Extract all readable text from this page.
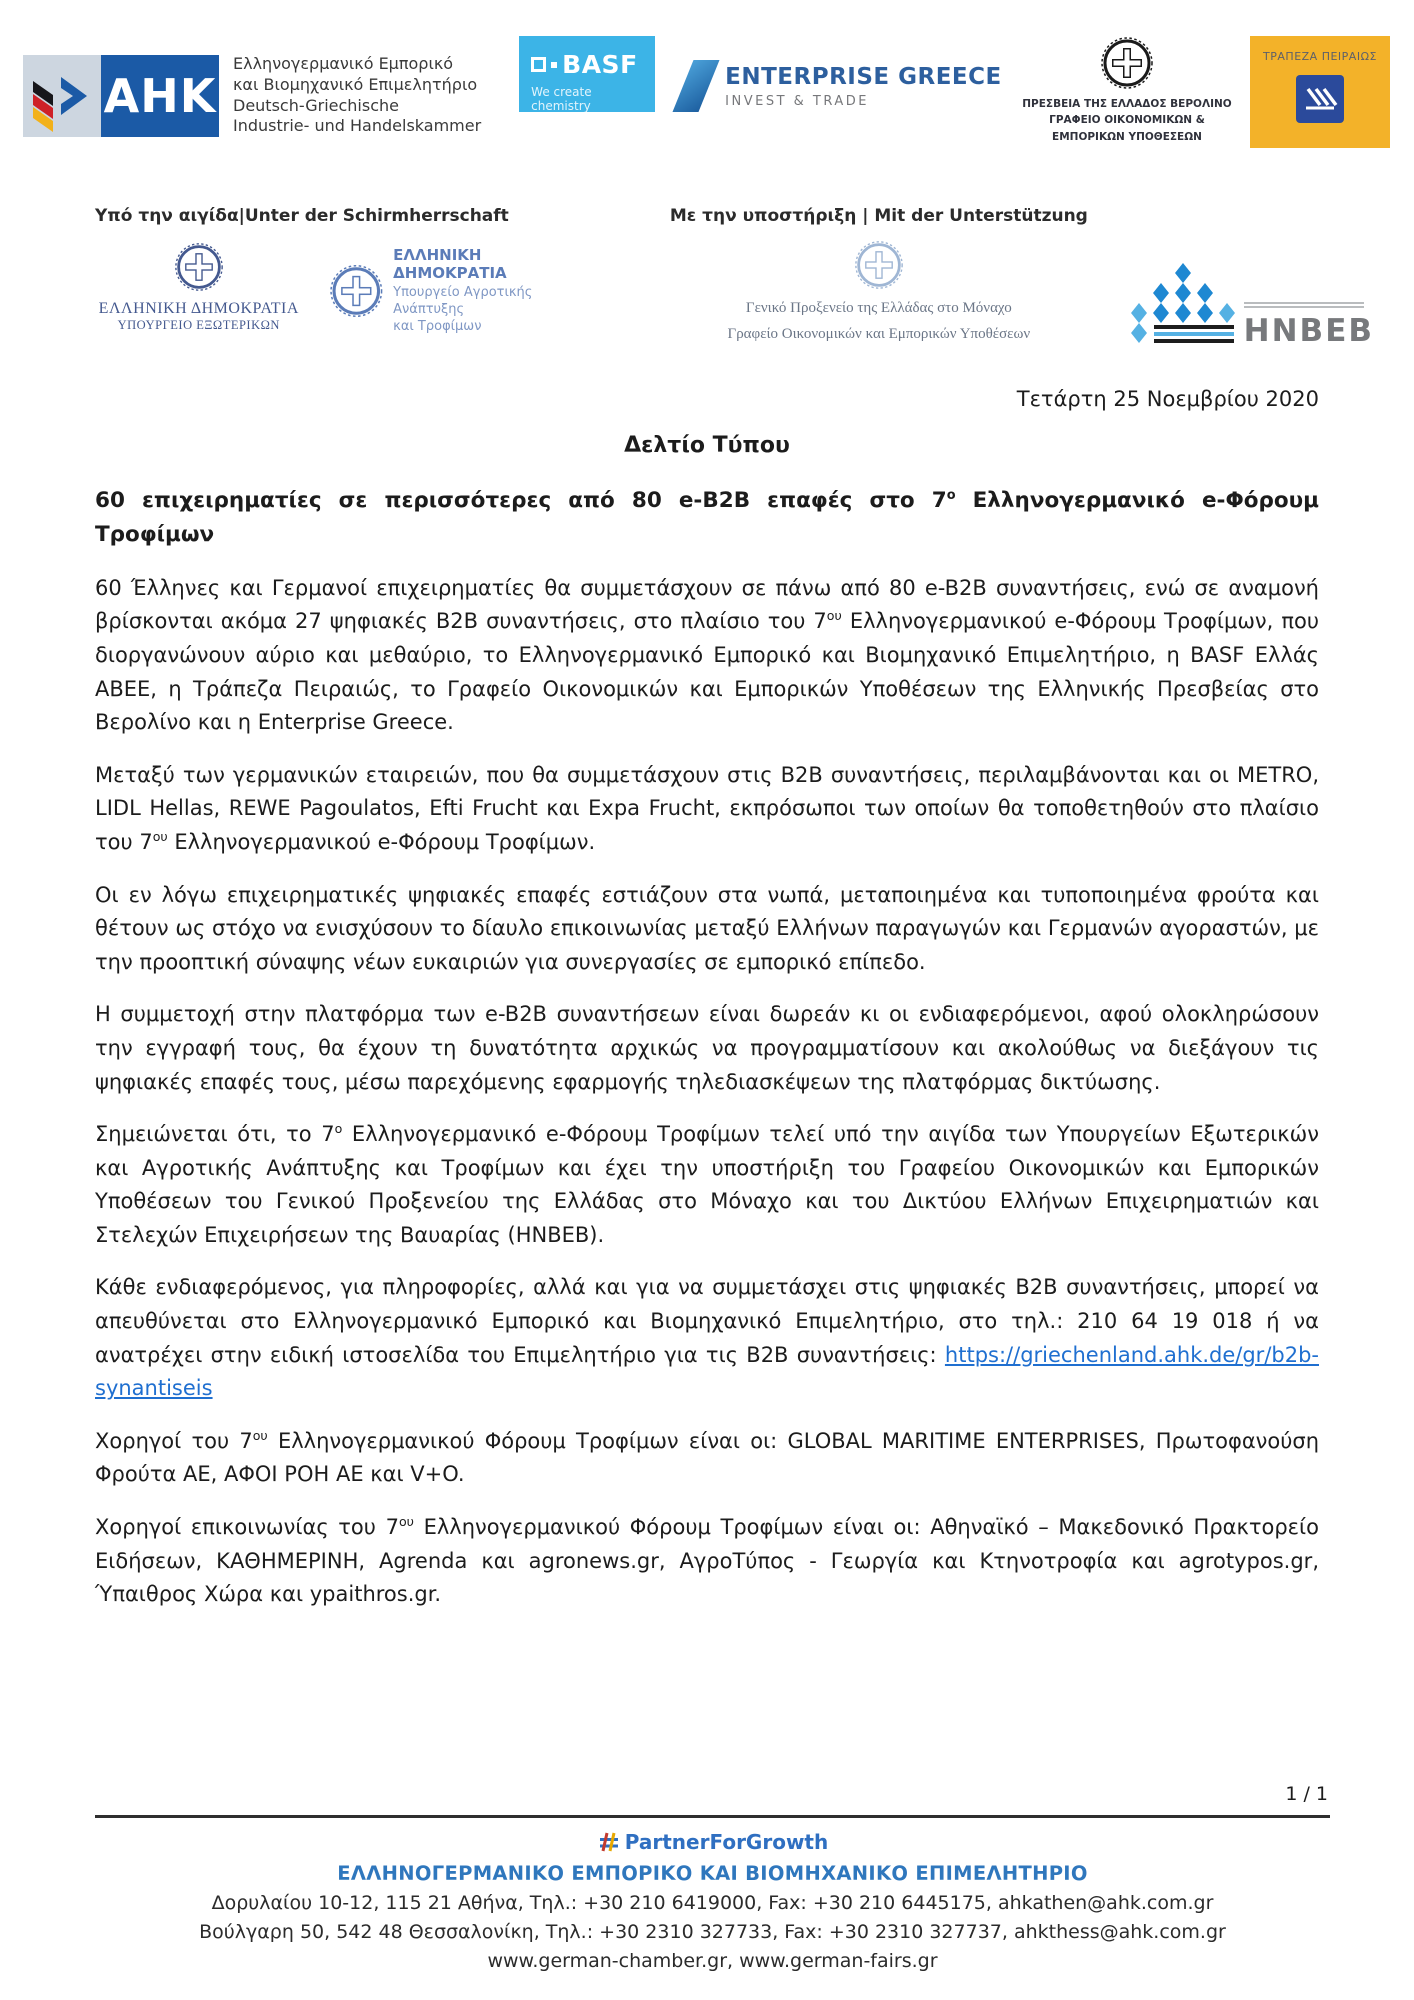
AHK
Ελληνογερμανικό Εμπορικό
και Βιομηχανικό Επιμελητήριο
Deutsch-Griechische
Industrie- und Handelskammer
BASF
We create chemistry
ENTERPRISE GREECE
INVEST & TRADE	ΠΡΕΣΒΕΙΑ ΤΗΣ ΕΛΛΑΔΟΣ ΒΕΡΟΛΙΝΟ
ΓΡΑΦΕΙΟ ΟΙΚΟΝΟΜΙΚΩΝ &
ΕΜΠΟΡΙΚΩΝ ΥΠΟΘΕΣΕΩΝ
ΤΡΑΠΕΖΑ ΠΕΙΡΑΙΩΣ
Υπό την αιγίδα|Unter der Schirmherrschaft
ΕΛΛΗΝΙΚΗ ΔΗΜΟΚΡΑΤΙΑ
ΥΠΟΥΡΓΕΙΟ ΕΞΩΤΕΡΙΚΩΝ
ΕΛΛΗΝΙΚΗ ΔΗΜΟΚΡΑΤΙΑ
Υπουργείο Αγροτικής Ανάπτυξης
και Τροφίμων
Με την υποστήριξη | Mit der Unterstützung
Γενικό Προξενείο της Ελλάδας στο Μόναχο
Γραφείο Οικονομικών και Εμπορικών Υποθέσεων	HNBEB
Τετάρτη 25 Νοεμβρίου 2020
Δελτίο Τύπου
60 επιχειρηματίες σε περισσότερες από 80 e-B2B επαφές στο $7^o$ Ελληνογερμανικό e-Φόρουμ Τροφίμων

60 Έλληνες και Γερμανοί επιχειρηματίες θα συμμετάσχουν σε πάνω από 80 e-B2B συναντήσεις, ενώ σε αναμονή βρίσκονται ακόμα 27 ψηφιακές B2B συναντήσεις, στο πλαίσιο του $7^{o\upsilon}$ Ελληνογερμανικού e-Φόρουμ Τροφίμων, που διοργανώνουν αύριο και μεθαύριο, το Ελληνογερμανικό Εμπορικό και Βιομηχανικό Επιμελητήριο, η BASF Ελλάς ΑΒΕΕ, η Τράπεζα Πειραιώς, το Γραφείο Οικονομικών και Εμπορικών Υποθέσεων της Ελληνικής Πρεσβείας στο Βερολίνο και η Enterprise Greece.

Μεταξύ των γερμανικών εταιρειών, που θα συμμετάσχουν στις B2B συναντήσεις, περιλαμβάνονται και οι METRO, LIDL Hellas, REWE Pagoulatos, Efti Frucht και Expa Frucht, εκπρόσωποι των οποίων θα τοποθετηθούν στο πλαίσιο του $7^{o\upsilon}$ Ελληνογερμανικού e-Φόρουμ Τροφίμων.

Οι εν λόγω επιχειρηματικές ψηφιακές επαφές εστιάζουν στα νωπά, μεταποιημένα και τυποποιημένα φρούτα και θέτουν ως στόχο να ενισχύσουν το δίαυλο επικοινωνίας μεταξύ Ελλήνων παραγωγών και Γερμανών αγοραστών, με την προοπτική σύναψης νέων ευκαιριών για συνεργασίες σε εμπορικό επίπεδο.

Η συμμετοχή στην πλατφόρμα των e-B2B συναντήσεων είναι δωρεάν κι οι ενδιαφερόμενοι, αφού ολοκληρώσουν την εγγραφή τους, θα έχουν τη δυνατότητα αρχικώς να προγραμματίσουν και ακολούθως να διεξάγουν τις ψηφιακές επαφές τους, μέσω παρεχόμενης εφαρμογής τηλεδιασκέψεων της πλατφόρμας δικτύωσης.

Σημειώνεται ότι, το $7^o$ Ελληνογερμανικό e-Φόρουμ Τροφίμων τελεί υπό την αιγίδα των Υπουργείων Εξωτερικών και Αγροτικής Ανάπτυξης και Τροφίμων και έχει την υποστήριξη του Γραφείου Οικονομικών και Εμπορικών Υποθέσεων του Γενικού Προξενείου της Ελλάδας στο Μόναχο και του Δικτύου Ελλήνων Επιχειρηματιών και Στελεχών Επιχειρήσεων της Βαυαρίας (HNBEB).

Κάθε ενδιαφερόμενος, για πληροφορίες, αλλά και για να συμμετάσχει στις ψηφιακές B2B συναντήσεις, μπορεί να απευθύνεται στο Ελληνογερμανικό Εμπορικό και Βιομηχανικό Επιμελητήριο, στο τηλ.: 210 64 19 018 ή να ανατρέχει στην ειδική ιστοσελίδα του Επιμελητήριο για τις B2B συναντήσεις: https://griechenland.ahk.de/gr/b2b-synantiseis

Χορηγοί του $7^{o\upsilon}$ Ελληνογερμανικού Φόρουμ Τροφίμων είναι οι: GLOBAL MARITIME ENTERPRISES, Πρωτοφανούση Φρούτα ΑΕ, ΑΦΟΙ ΡΟΗ ΑΕ και V+O.

Χορηγοί επικοινωνίας του $7^{o\upsilon}$ Ελληνογερμανικού Φόρουμ Τροφίμων είναι οι: Αθηναϊκό – Μακεδονικό Πρακτορείο Ειδήσεων, ΚΑΘΗΜΕΡΙΝΗ, Agrenda και agronews.gr, ΑγροΤύπος - Γεωργία και Κτηνοτροφία και agrotypos.gr, Ύπαιθρος Χώρα και ypaithros.gr.

1 / 1
PartnerForGrowth
ΕΛΛΗΝΟΓΕΡΜΑΝΙΚΟ ΕΜΠΟΡΙΚΟ ΚΑΙ ΒΙΟΜΗΧΑΝΙΚΟ ΕΠΙΜΕΛΗΤΗΡΙΟ
Δορυλαίου 10-12, 115 21 Αθήνα, Τηλ.: +30 210 6419000, Fax: +30 210 6445175, ahkathen@ahk.com.gr
Βούλγαρη 50, 542 48 Θεσσαλονίκη, Τηλ.: +30 2310 327733, Fax: +30 2310 327737, ahkthess@ahk.com.gr
www.german-chamber.gr, www.german-fairs.gr
